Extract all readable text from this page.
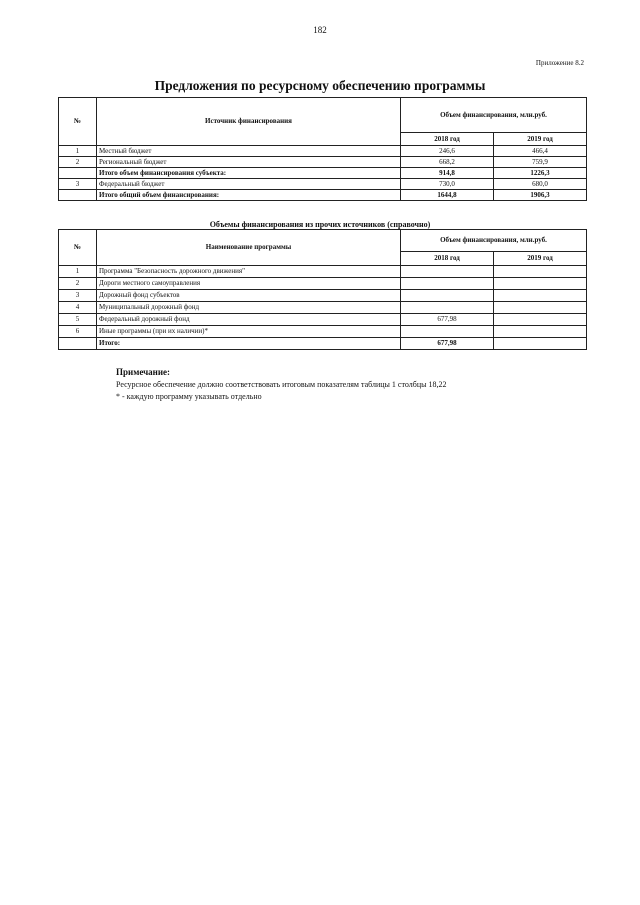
182
Приложение 8.2
Предложения по ресурсному обеспечению программы
№	Источник финансирования	Объем финансирования, млн.руб.	
		2018 год	2019 год
1	Местный бюджет	246,6	466,4
2	Региональный бюджет	668,2	759,9
	Итого объем финансирования субъекта:	914,8	1226,3
3	Федеральный бюджет	730,0	680,0
	Итого общий объем финансирования:	1644,8	1906,3
Объемы финансирования из прочих источников (справочно)
№	Наименование программы	Объем финансирования, млн.руб.	
		2018 год	2019 год
1	Программа "Безопасность дорожного движения"		
2	Дороги местного самоуправления		
3	Дорожный фонд субъектов		
4	Муниципальный дорожный фонд		
5	Федеральный дорожный фонд	677,98	
6	Иные программы (при их наличии)*		
	Итого:	677,98	
Примечание:
Ресурсное обеспечение должно соответствовать итоговым показателям таблицы 1 столбцы 18,22
* - каждую программу указывать отдельно
